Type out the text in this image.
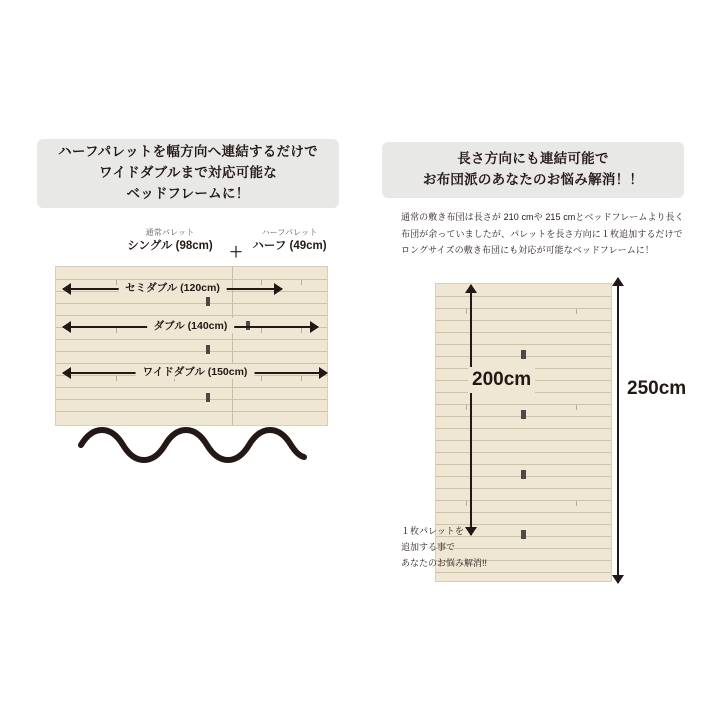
ハーフパレットを幅方向へ連結するだけで
ワイドダブルまで対応可能な
ベッドフレームに！
長さ方向にも連結可能で
お布団派のあなたのお悩み解消！！
通常パレット
シングル (98cm)	＋
ハーフパレット
ハーフ (49cm)
セミダブル (120cm)
ダブル (140cm)
ワイドダブル (150cm)
通常の敷き布団は長さが 210 cmや 215 cmとベッドフレームより長く
布団が余っていましたが、パレットを長さ方向に１枚追加するだけで
ロングサイズの敷き布団にも対応が可能なベッドフレームに！
200cm	250cm
１枚パレットを
追加する事で
あなたのお悩み解消!!
